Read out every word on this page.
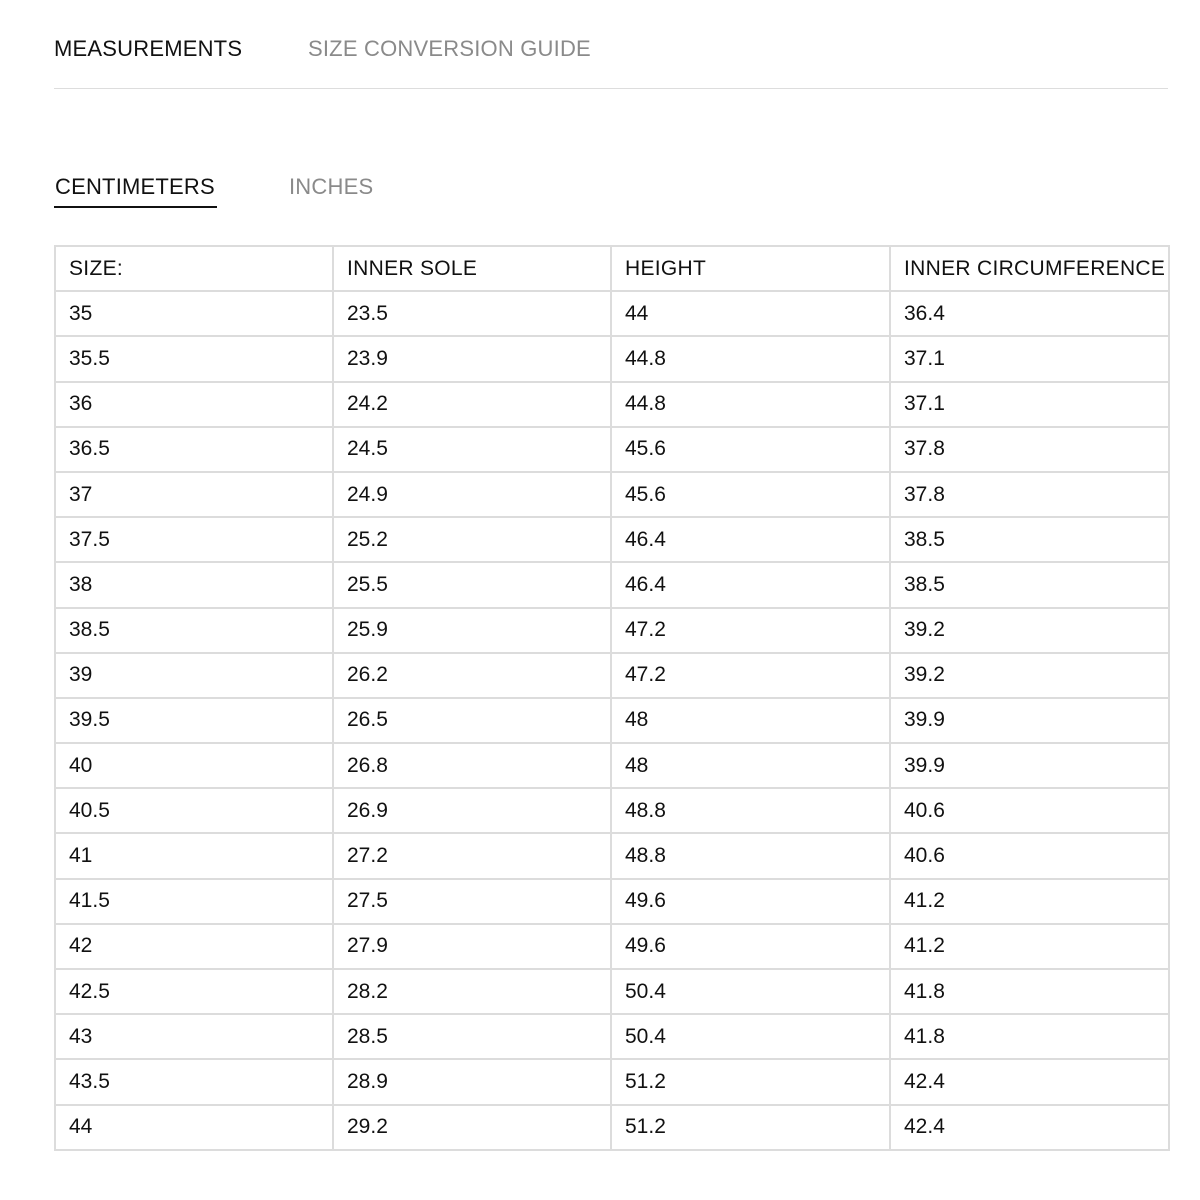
MEASUREMENTS	SIZE CONVERSION GUIDE
CENTIMETERS	INCHES
SIZE:	INNER SOLE	HEIGHT	INNER CIRCUMFERENCE
35	23.5	44	36.4
35.5	23.9	44.8	37.1
36	24.2	44.8	37.1
36.5	24.5	45.6	37.8
37	24.9	45.6	37.8
37.5	25.2	46.4	38.5
38	25.5	46.4	38.5
38.5	25.9	47.2	39.2
39	26.2	47.2	39.2
39.5	26.5	48	39.9
40	26.8	48	39.9
40.5	26.9	48.8	40.6
41	27.2	48.8	40.6
41.5	27.5	49.6	41.2
42	27.9	49.6	41.2
42.5	28.2	50.4	41.8
43	28.5	50.4	41.8
43.5	28.9	51.2	42.4
44	29.2	51.2	42.4
